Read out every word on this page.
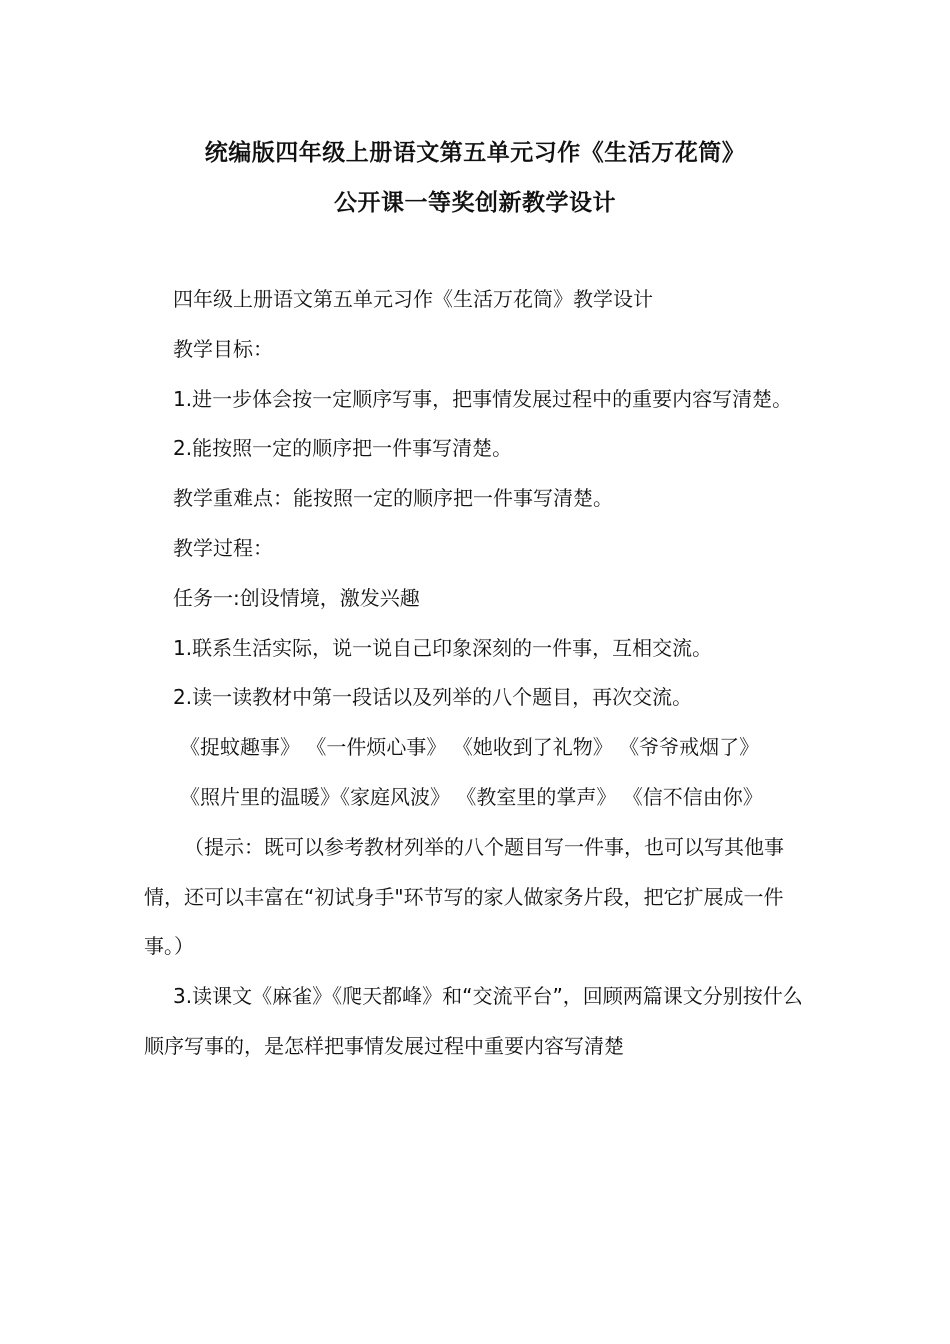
统编版四年级上册语文第五单元习作《生活万花筒》
公开课一等奖创新教学设计

四年级上册语文第五单元习作《生活万花筒》教学设计

教学目标：

1.进一步体会按一定顺序写事，把事情发展过程中的重要内容写清楚。

2.能按照一定的顺序把一件事写清楚。

教学重难点：能按照一定的顺序把一件事写清楚。

教学过程：

任务一:创设情境，激发兴趣

1.联系生活实际，说一说自己印象深刻的一件事，互相交流。

2.读一读教材中第一段话以及列举的八个题目，再次交流。

《捉蚊趣事》 《一件烦心事》 《她收到了礼物》 《爷爷戒烟了》

《照片里的温暖》《家庭风波》 《教室里的掌声》 《信不信由你》

（提示：既可以参考教材列举的八个题目写一件事，也可以写其他事情，还可以丰富在“初试身手"环节写的家人做家务片段，把它扩展成一件事。）

3.读课文《麻雀》《爬天都峰》和“交流平台”，回顾两篇课文分别按什么顺序写事的，是怎样把事情发展过程中重要内容写清楚
